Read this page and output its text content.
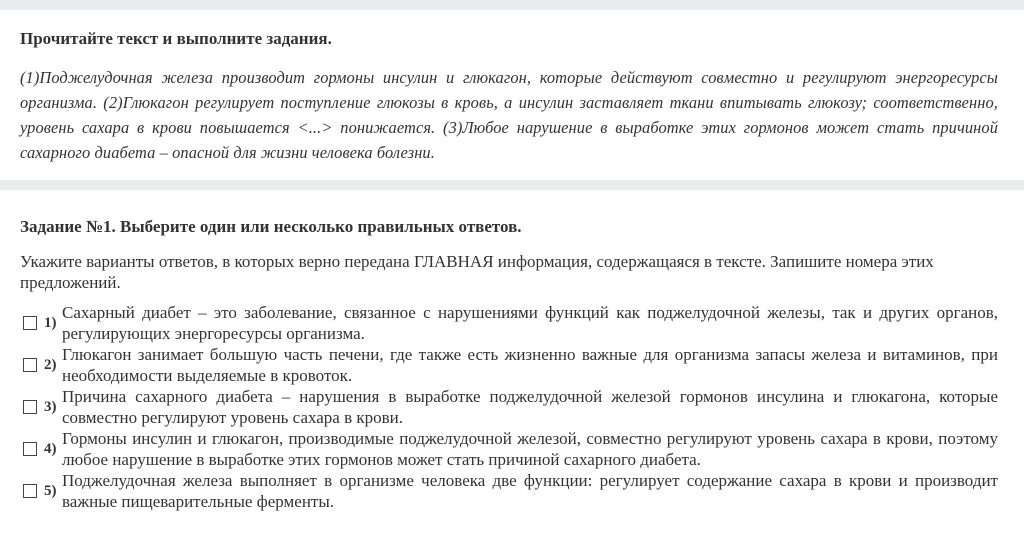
Прочитайте текст и выполните задания.

(1)Поджелудочная железа производит гормоны инсулин и глюкагон, которые действуют совместно и регулируют энергоресурсы организма. (2)Глюкагон регулирует поступление глюкозы в кровь, а инсулин заставляет ткани впитывать глюкозу; соответственно, уровень сахара в крови повышается <...> понижается. (3)Любое нарушение в выработке этих гормонов может стать причиной сахарного диабета – опасной для жизни человека болезни.

Задание №1. Выберите один или несколько правильных ответов.

Укажите варианты ответов, в которых верно передана ГЛАВНАЯ информация, содержащаяся в тексте. Запишите номера этих предложений.

1)
Сахарный диабет – это заболевание, связанное с нарушениями функций как поджелудочной железы, так и других органов, регулирующих энергоресурсы организма.
2)
Глюкагон занимает большую часть печени, где также есть жизненно важные для организма запасы железа и витаминов, при необходимости выделяемые в кровоток.
3)
Причина сахарного диабета – нарушения в выработке поджелудочной железой гормонов инсулина и глюкагона, которые совместно регулируют уровень сахара в крови.
4)
Гормоны инсулин и глюкагон, производимые поджелудочной железой, совместно регулируют уровень сахара в крови, поэтому любое нарушение в выработке этих гормонов может стать причиной сахарного диабета.
5)
Поджелудочная железа выполняет в организме человека две функции: регулирует содержание сахара в крови и производит важные пищеварительные ферменты.
